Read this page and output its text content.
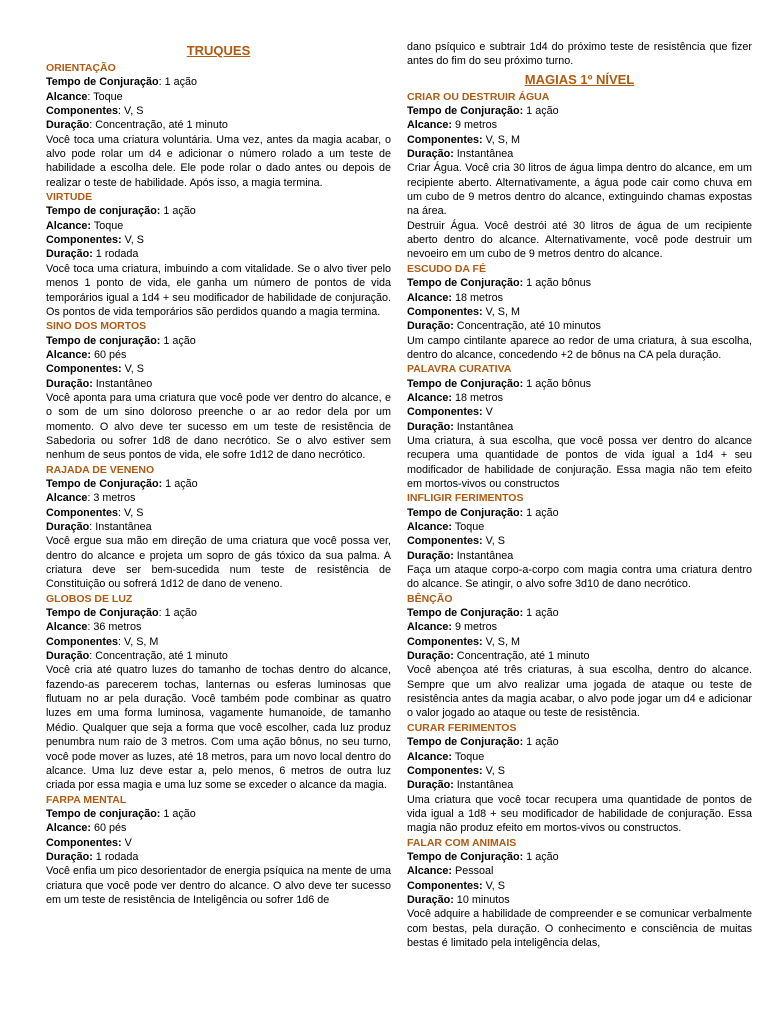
TRUQUES

ORIENTAÇÃO

Tempo de Conjuração: 1 ação

Alcance: Toque

Componentes: V, S

Duração: Concentração, até 1 minuto

Você toca uma criatura voluntária. Uma vez, antes da magia acabar, o alvo pode rolar um d4 e adicionar o número rolado a um teste de habilidade a escolha dele. Ele pode rolar o dado antes ou depois de realizar o teste de habilidade. Após isso, a magia termina.

VIRTUDE

Tempo de conjuração: 1 ação

Alcance: Toque

Componentes: V, S

Duração: 1 rodada

Você toca uma criatura, imbuindo a com vitalidade. Se o alvo tiver pelo menos 1 ponto de vida, ele ganha um número de pontos de vida temporários igual a 1d4 + seu modificador de habilidade de conjuração. Os pontos de vida temporários são perdidos quando a magia termina.

SINO DOS MORTOS

Tempo de conjuração: 1 ação

Alcance: 60 pés

Componentes: V, S

Duração: Instantâneo

Você aponta para uma criatura que você pode ver dentro do alcance, e o som de um sino doloroso preenche o ar ao redor dela por um momento. O alvo deve ter sucesso em um teste de resistência de Sabedoria ou sofrer 1d8 de dano necrótico. Se o alvo estiver sem nenhum de seus pontos de vida, ele sofre 1d12 de dano necrótico.

RAJADA DE VENENO

Tempo de Conjuração: 1 ação

Alcance: 3 metros

Componentes: V, S

Duração: Instantânea

Você ergue sua mão em direção de uma criatura que você possa ver, dentro do alcance e projeta um sopro de gás tóxico da sua palma. A criatura deve ser bem-sucedida num teste de resistência de Constituição ou sofrerá 1d12 de dano de veneno.

GLOBOS DE LUZ

Tempo de Conjuração: 1 ação

Alcance: 36 metros

Componentes: V, S, M

Duração: Concentração, até 1 minuto

Você cria até quatro luzes do tamanho de tochas dentro do alcance, fazendo-as parecerem tochas, lanternas ou esferas luminosas que flutuam no ar pela duração. Você também pode combinar as quatro luzes em uma forma luminosa, vagamente humanoide, de tamanho Médio. Qualquer que seja a forma que você escolher, cada luz produz penumbra num raio de 3 metros. Com uma ação bônus, no seu turno, você pode mover as luzes, até 18 metros, para um novo local dentro do alcance. Uma luz deve estar a, pelo menos, 6 metros de outra luz criada por essa magia e uma luz some se exceder o alcance da magia.

FARPA MENTAL

Tempo de conjuração: 1 ação

Alcance: 60 pés

Componentes: V

Duração: 1 rodada

Você enfia um pico desorientador de energia psíquica na mente de uma criatura que você pode ver dentro do alcance. O alvo deve ter sucesso em um teste de resistência de Inteligência ou sofrer 1d6 de

dano psíquico e subtrair 1d4 do próximo teste de resistência que fizer antes do fim do seu próximo turno.

MAGIAS 1º NÍVEL

CRIAR OU DESTRUIR ÁGUA

Tempo de Conjuração: 1 ação

Alcance: 9 metros

Componentes: V, S, M

Duração: Instantânea

Criar Água. Você cria 30 litros de água limpa dentro do alcance, em um recipiente aberto. Alternativamente, a água pode cair como chuva em um cubo de 9 metros dentro do alcance, extinguindo chamas expostas na área.

Destruir Água. Você destrói até 30 litros de água de um recipiente aberto dentro do alcance. Alternativamente, você pode destruir um nevoeiro em um cubo de 9 metros dentro do alcance.

ESCUDO DA FÉ

Tempo de Conjuração: 1 ação bônus

Alcance: 18 metros

Componentes: V, S, M

Duração: Concentração, até 10 minutos

Um campo cintilante aparece ao redor de uma criatura, à sua escolha, dentro do alcance, concedendo +2 de bônus na CA pela duração.

PALAVRA CURATIVA

Tempo de Conjuração: 1 ação bônus

Alcance: 18 metros

Componentes: V

Duração: Instantânea

Uma criatura, à sua escolha, que você possa ver dentro do alcance recupera uma quantidade de pontos de vida igual a 1d4 + seu modificador de habilidade de conjuração. Essa magia não tem efeito em mortos-vivos ou constructos

INFLIGIR FERIMENTOS

Tempo de Conjuração: 1 ação

Alcance: Toque

Componentes: V, S

Duração: Instantânea

Faça um ataque corpo-a-corpo com magia contra uma criatura dentro do alcance. Se atingir, o alvo sofre 3d10 de dano necrótico.

BÊNÇÃO

Tempo de Conjuração: 1 ação

Alcance: 9 metros

Componentes: V, S, M

Duração: Concentração, até 1 minuto

Você abençoa até três criaturas, à sua escolha, dentro do alcance. Sempre que um alvo realizar uma jogada de ataque ou teste de resistência antes da magia acabar, o alvo pode jogar um d4 e adicionar o valor jogado ao ataque ou teste de resistência.

CURAR FERIMENTOS

Tempo de Conjuração: 1 ação

Alcance: Toque

Componentes: V, S

Duração: Instantânea

Uma criatura que você tocar recupera uma quantidade de pontos de vida igual a 1d8 + seu modificador de habilidade de conjuração. Essa magia não produz efeito em mortos-vivos ou constructos.

FALAR COM ANIMAIS

Tempo de Conjuração: 1 ação

Alcance: Pessoal

Componentes: V, S

Duração: 10 minutos

Você adquire a habilidade de compreender e se comunicar verbalmente com bestas, pela duração. O conhecimento e consciência de muitas bestas é limitado pela inteligência delas,
